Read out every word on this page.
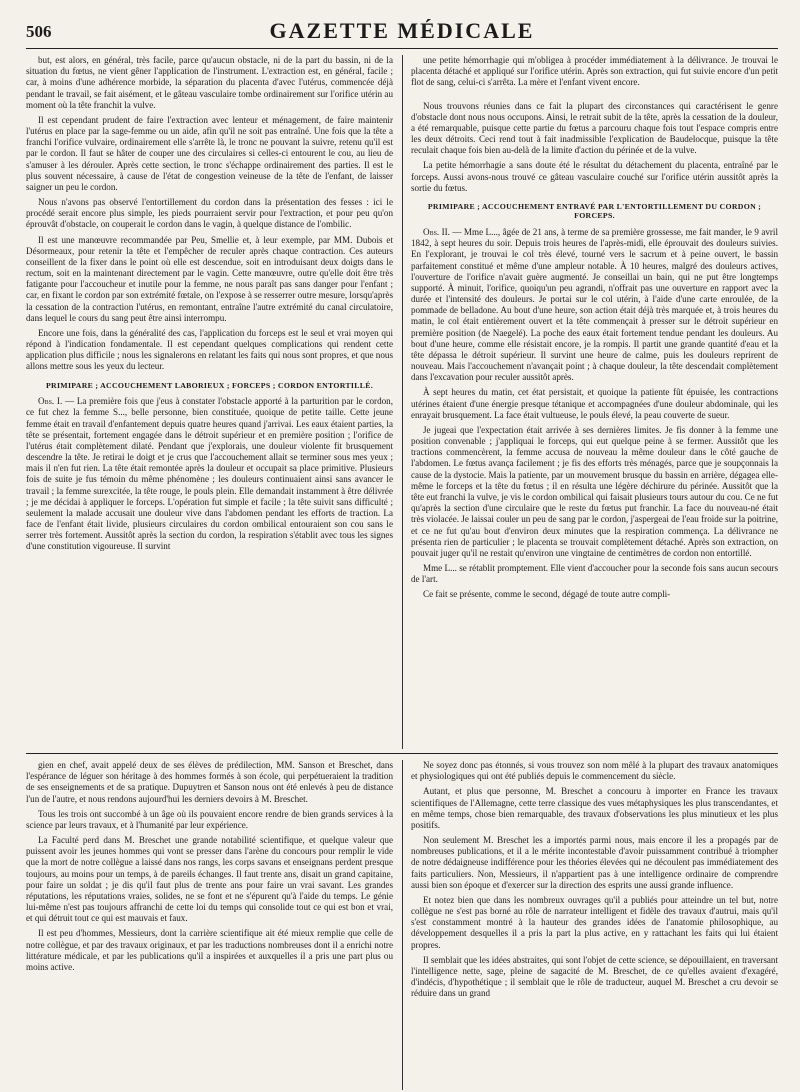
506	GAZETTE MÉDICALE

but, est alors, en général, très facile, parce qu'aucun obstacle, ni de la part du bassin, ni de la situation du fœtus, ne vient gêner l'application de l'instrument. L'extraction est, en général, facile ; car, à moins d'une adhérence morbide, la séparation du placenta d'avec l'utérus, commencée déjà pendant le travail, se fait aisément, et le gâteau vasculaire tombe ordinairement sur l'orifice utérin au moment où la tête franchit la vulve.

Il est cependant prudent de faire l'extraction avec lenteur et ménagement, de faire maintenir l'utérus en place par la sage-femme ou un aide, afin qu'il ne soit pas entraîné. Une fois que la tête a franchi l'orifice vulvaire, ordinairement elle s'arrête là, le tronc ne pouvant la suivre, retenu qu'il est par le cordon. Il faut se hâter de couper une des circulaires si celles-ci entourent le cou, au lieu de s'amuser à les dérouler. Après cette section, le tronc s'échappe ordinairement des parties. Il est le plus souvent nécessaire, à cause de l'état de congestion veineuse de la tête de l'enfant, de laisser saigner un peu le cordon.

Nous n'avons pas observé l'entortillement du cordon dans la présentation des fesses : ici le procédé serait encore plus simple, les pieds pourraient servir pour l'extraction, et pour peu qu'on éprouvât d'obstacle, on couperait le cordon dans le vagin, à quelque distance de l'ombilic.

Il est une manœuvre recommandée par Peu, Smellie et, à leur exemple, par MM. Dubois et Désormeaux, pour retenir la tête et l'empêcher de reculer après chaque contraction. Ces auteurs conseillent de la fixer dans le point où elle est descendue, soit en introduisant deux doigts dans le rectum, soit en la maintenant directement par le vagin. Cette manœuvre, outre qu'elle doit être très fatigante pour l'accoucheur et inutile pour la femme, ne nous paraît pas sans danger pour l'enfant ; car, en fixant le cordon par son extrémité fœtale, on l'expose à se resserrer outre mesure, lorsqu'après la cessation de la contraction l'utérus, en remontant, entraîne l'autre extrémité du canal circulatoire, dans lequel le cours du sang peut être ainsi interrompu.

Encore une fois, dans la généralité des cas, l'application du forceps est le seul et vrai moyen qui répond à l'indication fondamentale. Il est cependant quelques complications qui rendent cette application plus difficile ; nous les signalerons en relatant les faits qui nous sont propres, et que nous allons mettre sous les yeux du lecteur.

PRIMIPARE ; ACCOUCHEMENT LABORIEUX ; FORCEPS ; CORDON ENTORTILLÉ.

Obs. I. — La première fois que j'eus à constater l'obstacle apporté à la parturition par le cordon, ce fut chez la femme S..., belle personne, bien constituée, quoique de petite taille. Cette jeune femme était en travail d'enfantement depuis quatre heures quand j'arrivai. Les eaux étaient parties, la tête se présentait, fortement engagée dans le détroit supérieur et en première position ; l'orifice de l'utérus était complètement dilaté. Pendant que j'explorais, une douleur violente fit brusquement descendre la tête. Je retirai le doigt et je crus que l'accouchement allait se terminer sous mes yeux ; mais il n'en fut rien. La tête était remontée après la douleur et occupait sa place primitive. Plusieurs fois de suite je fus témoin du même phénomène ; les douleurs continuaient ainsi sans avancer le travail ; la femme surexcitée, la tête rouge, le pouls plein. Elle demandait instamment à être délivrée ; je me décidai à appliquer le forceps. L'opération fut simple et facile ; la tête suivit sans difficulté ; seulement la malade accusait une douleur vive dans l'abdomen pendant les efforts de traction. La face de l'enfant était livide, plusieurs circulaires du cordon ombilical entouraient son cou sans le serrer très fortement. Aussitôt après la section du cordon, la respiration s'établit avec tous les signes d'une constitution vigoureuse. Il survint

une petite hémorrhagie qui m'obligea à procéder immédiatement à la délivrance. Je trouvai le placenta détaché et appliqué sur l'orifice utérin. Après son extraction, qui fut suivie encore d'un petit flot de sang, celui-ci s'arrêta. La mère et l'enfant vivent encore.

Nous trouvons réunies dans ce fait la plupart des circonstances qui caractérisent le genre d'obstacle dont nous nous occupons. Ainsi, le retrait subit de la tête, après la cessation de la douleur, a été remarquable, puisque cette partie du fœtus a parcouru chaque fois tout l'espace compris entre les deux détroits. Ceci rend tout à fait inadmissible l'explication de Baudelocque, puisque la tête reculait chaque fois bien au-delà de la limite d'action du périnée et de la vulve.

La petite hémorrhagie a sans doute été le résultat du détachement du placenta, entraîné par le forceps. Aussi avons-nous trouvé ce gâteau vasculaire couché sur l'orifice utérin aussitôt après la sortie du fœtus.

PRIMIPARE ; ACCOUCHEMENT ENTRAVÉ PAR L'ENTORTILLEMENT DU CORDON ; FORCEPS.

Obs. II. — Mme L..., âgée de 21 ans, à terme de sa première grossesse, me fait mander, le 9 avril 1842, à sept heures du soir. Depuis trois heures de l'après-midi, elle éprouvait des douleurs suivies. En l'explorant, je trouvai le col très élevé, tourné vers le sacrum et à peine ouvert, le bassin parfaitement constitué et même d'une ampleur notable. À 10 heures, malgré des douleurs actives, l'ouverture de l'orifice n'avait guère augmenté. Je conseillai un bain, qui ne put être longtemps supporté. À minuit, l'orifice, quoiqu'un peu agrandi, n'offrait pas une ouverture en rapport avec la durée et l'intensité des douleurs. Je portai sur le col utérin, à l'aide d'une carte enroulée, de la pommade de belladone. Au bout d'une heure, son action était déjà très marquée et, à trois heures du matin, le col était entièrement ouvert et la tête commençait à presser sur le détroit supérieur en première position (de Naegelé). La poche des eaux était fortement tendue pendant les douleurs. Au bout d'une heure, comme elle résistait encore, je la rompis. Il partit une grande quantité d'eau et la tête dépassa le détroit supérieur. Il survint une heure de calme, puis les douleurs reprirent de nouveau. Mais l'accouchement n'avançait point ; à chaque douleur, la tête descendait complètement dans l'excavation pour reculer aussitôt après.

À sept heures du matin, cet état persistait, et quoique la patiente fût épuisée, les contractions utérines étaient d'une énergie presque tétanique et accompagnées d'une douleur abdominale, qui les enrayait brusquement. La face était vultueuse, le pouls élevé, la peau couverte de sueur.

Je jugeai que l'expectation était arrivée à ses dernières limites. Je fis donner à la femme une position convenable ; j'appliquai le forceps, qui eut quelque peine à se fermer. Aussitôt que les tractions commencèrent, la femme accusa de nouveau la même douleur dans le côté gauche de l'abdomen. Le fœtus avança facilement ; je fis des efforts très ménagés, parce que je soupçonnais la cause de la dystocie. Mais la patiente, par un mouvement brusque du bassin en arrière, dégagea elle-même le forceps et la tête du fœtus ; il en résulta une légère déchirure du périnée. Aussitôt que la tête eut franchi la vulve, je vis le cordon ombilical qui faisait plusieurs tours autour du cou. Ce ne fut qu'après la section d'une circulaire que le reste du fœtus put franchir. La face du nouveau-né était très violacée. Je laissai couler un peu de sang par le cordon, j'aspergeai de l'eau froide sur la poitrine, et ce ne fut qu'au bout d'environ deux minutes que la respiration commença. La délivrance ne présenta rien de particulier ; le placenta se trouvait complètement détaché. Après son extraction, on pouvait juger qu'il ne restait qu'environ une vingtaine de centimètres de cordon non entortillé.

Mme L... se rétablit promptement. Elle vient d'accoucher pour la seconde fois sans aucun secours de l'art.

Ce fait se présente, comme le second, dégagé de toute autre compli-

gien en chef, avait appelé deux de ses élèves de prédilection, MM. Sanson et Breschet, dans l'espérance de léguer son héritage à des hommes formés à son école, qui perpétueraient la tradition de ses enseignements et de sa pratique. Dupuytren et Sanson nous ont été enlevés à peu de distance l'un de l'autre, et nous rendons aujourd'hui les derniers devoirs à M. Breschet.

Tous les trois ont succombé à un âge où ils pouvaient encore rendre de bien grands services à la science par leurs travaux, et à l'humanité par leur expérience.

La Faculté perd dans M. Breschet une grande notabilité scientifique, et quelque valeur que puissent avoir les jeunes hommes qui vont se presser dans l'arène du concours pour remplir le vide que la mort de notre collègue a laissé dans nos rangs, les corps savans et enseignans perdent presque toujours, au moins pour un temps, à de pareils échanges. Il faut trente ans, disait un grand capitaine, pour faire un soldat ; je dis qu'il faut plus de trente ans pour faire un vrai savant. Les grandes réputations, les réputations vraies, solides, ne se font et ne s'épurent qu'à l'aide du temps. Le génie lui-même n'est pas toujours affranchi de cette loi du temps qui consolide tout ce qui est bon et vrai, et qui détruit tout ce qui est mauvais et faux.

Il est peu d'hommes, Messieurs, dont la carrière scientifique ait été mieux remplie que celle de notre collègue, et par des travaux originaux, et par les traductions nombreuses dont il a enrichi notre littérature médicale, et par les publications qu'il a inspirées et auxquelles il a pris une part plus ou moins active.

Ne soyez donc pas étonnés, si vous trouvez son nom mêlé à la plupart des travaux anatomiques et physiologiques qui ont été publiés depuis le commencement du siècle.

Autant, et plus que personne, M. Breschet a concouru à importer en France les travaux scientifiques de l'Allemagne, cette terre classique des vues métaphysiques les plus transcendantes, et en même temps, chose bien remarquable, des travaux d'observations les plus minutieux et les plus positifs.

Non seulement M. Breschet les a importés parmi nous, mais encore il les a propagés par de nombreuses publications, et il a le mérite incontestable d'avoir puissamment contribué à triompher de notre dédaigneuse indifférence pour les théories élevées qui ne découlent pas immédiatement des faits particuliers. Non, Messieurs, il n'appartient pas à une intelligence ordinaire de comprendre aussi bien son époque et d'exercer sur la direction des esprits une aussi grande influence.

Et notez bien que dans les nombreux ouvrages qu'il a publiés pour atteindre un tel but, notre collègue ne s'est pas borné au rôle de narrateur intelligent et fidèle des travaux d'autrui, mais qu'il s'est constamment montré à la hauteur des grandes idées de l'anatomie philosophique, au développement desquelles il a pris la part la plus active, en y rattachant les faits qui lui étaient propres.

Il semblait que les idées abstraites, qui sont l'objet de cette science, se dépouillaient, en traversant l'intelligence nette, sage, pleine de sagacité de M. Breschet, de ce qu'elles avaient d'exagéré, d'indécis, d'hypothétique ; il semblait que le rôle de traducteur, auquel M. Breschet a cru devoir se réduire dans un grand
